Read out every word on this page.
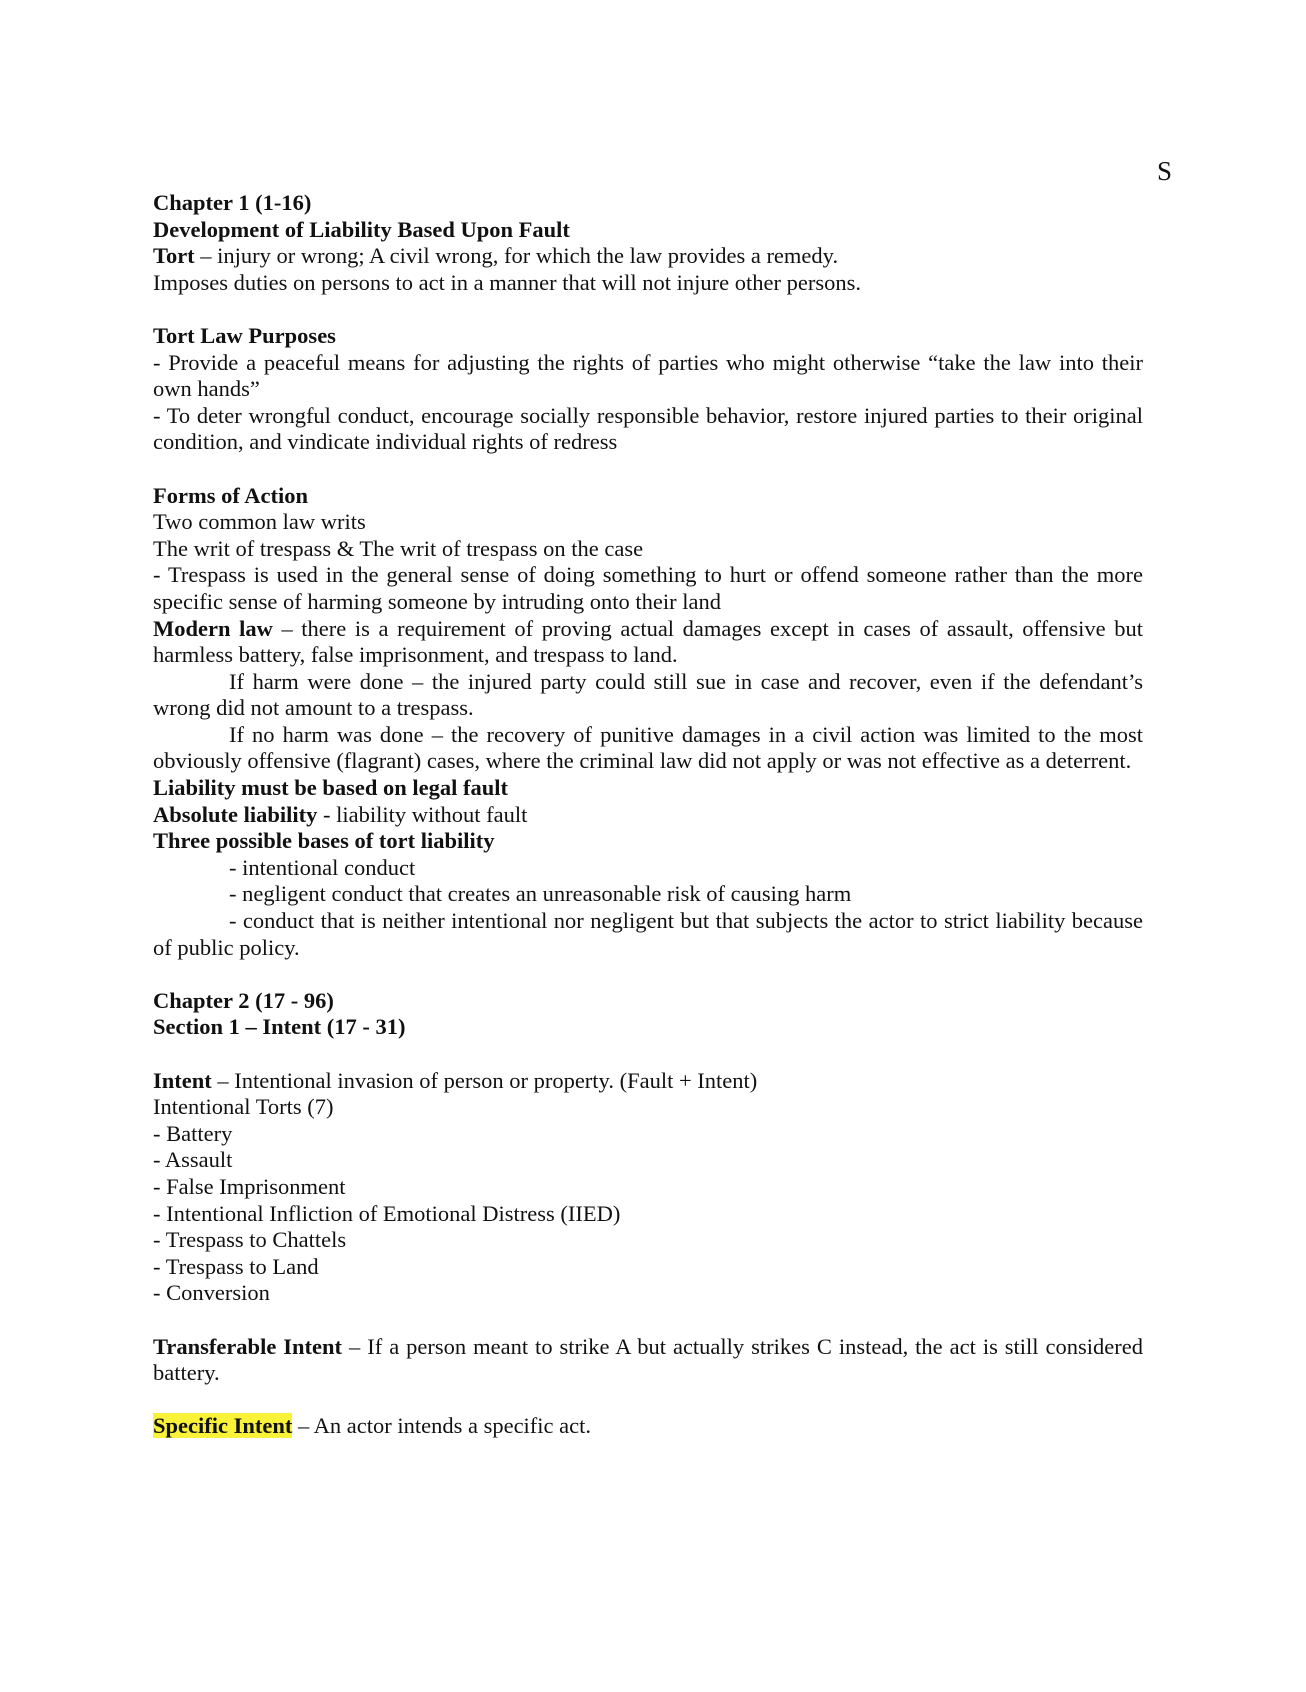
S

Chapter 1 (1-16)

Development of Liability Based Upon Fault

Tort – injury or wrong; A civil wrong, for which the law provides a remedy.

Imposes duties on persons to act in a manner that will not injure other persons.

Tort Law Purposes

- Provide a peaceful means for adjusting the rights of parties who might otherwise “take the law into their own hands”

- To deter wrongful conduct, encourage socially responsible behavior, restore injured parties to their original condition, and vindicate individual rights of redress

Forms of Action

Two common law writs

The writ of trespass & The writ of trespass on the case

- Trespass is used in the general sense of doing something to hurt or offend someone rather than the more specific sense of harming someone by intruding onto their land

Modern law – there is a requirement of proving actual damages except in cases of assault, offensive but harmless battery, false imprisonment, and trespass to land.

If harm were done – the injured party could still sue in case and recover, even if the defendant’s wrong did not amount to a trespass.

If no harm was done – the recovery of punitive damages in a civil action was limited to the most obviously offensive (flagrant) cases, where the criminal law did not apply or was not effective as a deterrent.

Liability must be based on legal fault

Absolute liability - liability without fault

Three possible bases of tort liability

- intentional conduct

- negligent conduct that creates an unreasonable risk of causing harm

- conduct that is neither intentional nor negligent but that subjects the actor to strict liability because of public policy.

Chapter 2 (17 - 96)

Section 1 – Intent (17 - 31)

Intent – Intentional invasion of person or property. (Fault + Intent)

Intentional Torts (7)

- Battery

- Assault

- False Imprisonment

- Intentional Infliction of Emotional Distress (IIED)

- Trespass to Chattels

- Trespass to Land

- Conversion

Transferable Intent – If a person meant to strike A but actually strikes C instead, the act is still considered battery.

Specific Intent – An actor intends a specific act.
